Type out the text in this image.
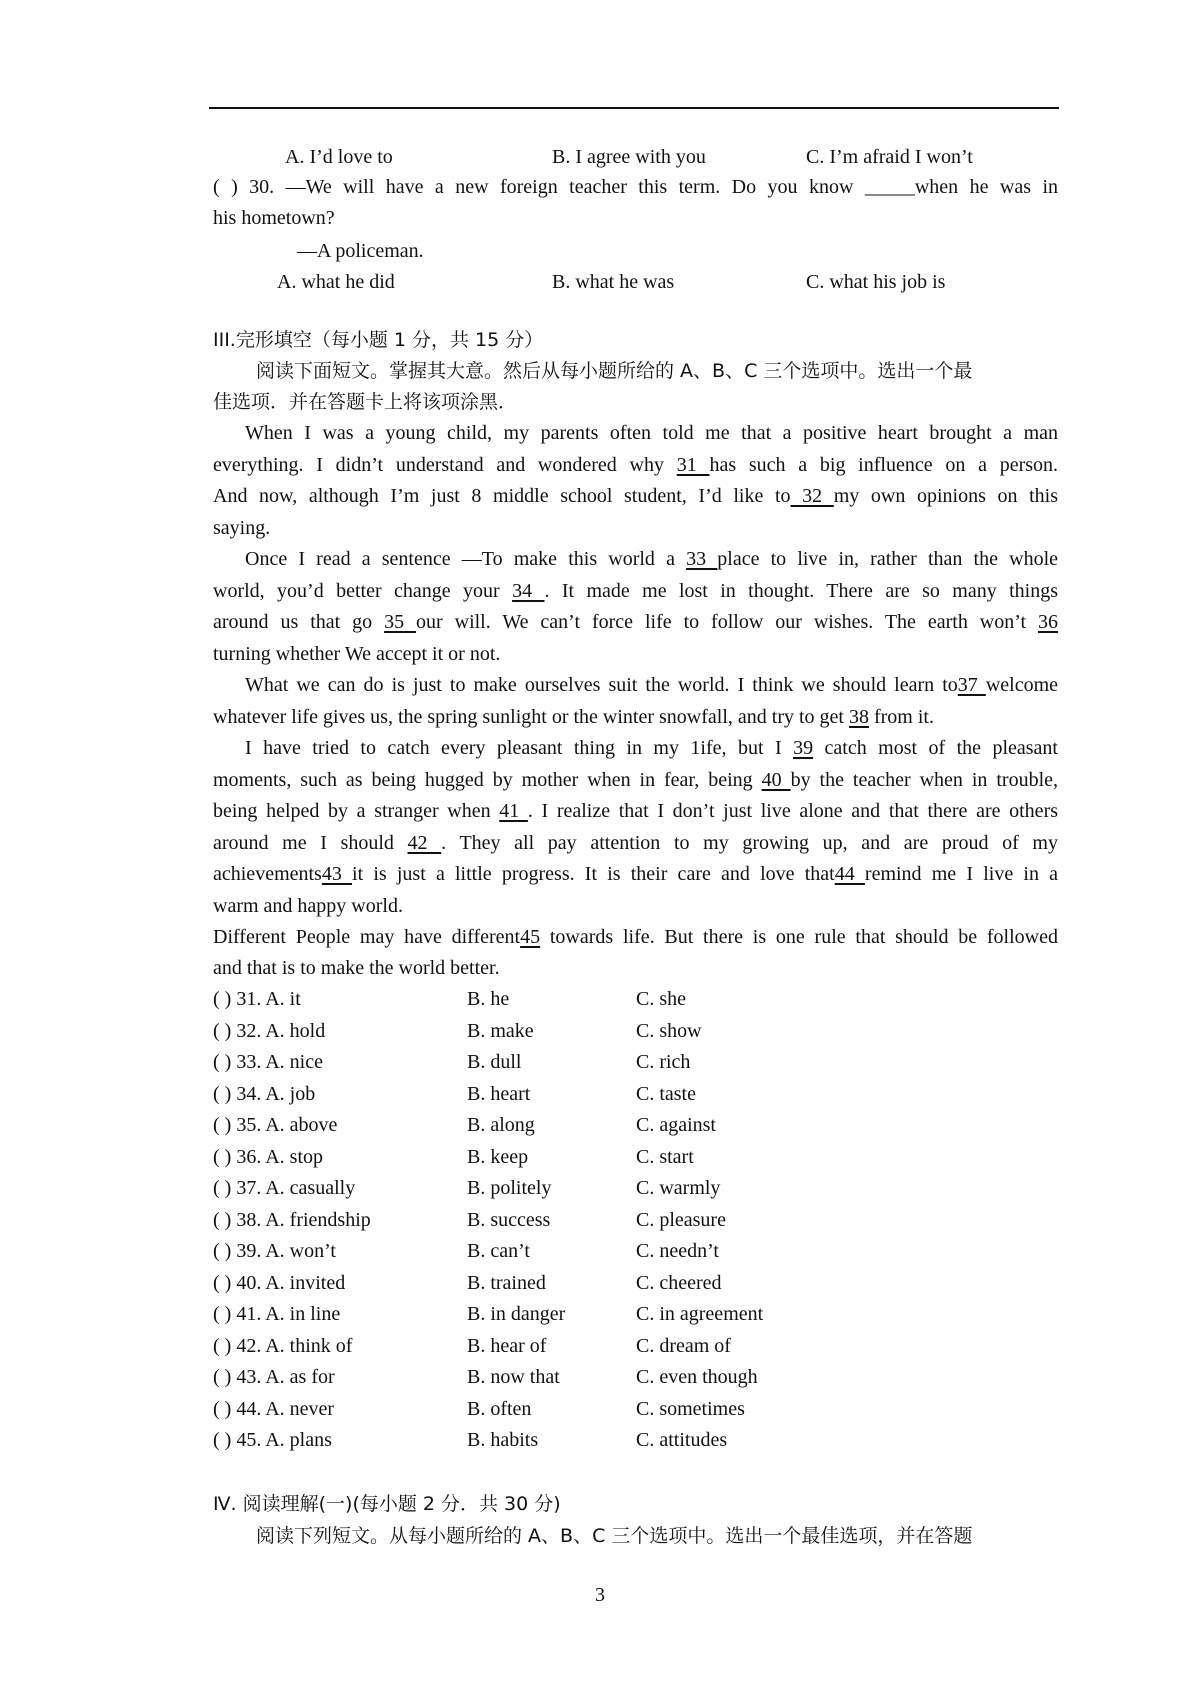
A. I’d love to	B. I agree with you	C. I’m afraid I won’t
( ) 30. —We will have a new foreign teacher this term. Do you know _____when he was in
his hometown?
—A policeman.
A. what he did	B. what he was	C. what his job is
III.完形填空（每小题 1 分，共 15 分）
阅读下面短文。掌握其大意。然后从每小题所给的 A、B、C 三个选项中。选出一个最
佳选项．并在答题卡上将该项涂黑．
When I was a young child, my parents often told me that a positive heart brought a man
everything. I didn’t understand and wondered why 31 has such a big influence on a person.
And now, although I’m just 8 middle school student, I’d like to 32 my own opinions on this
saying.
Once I read a sentence —To make this world a 33 place to live in, rather than the whole
world, you’d better change your 34 . It made me lost in thought. There are so many things
around us that go 35 our will. We can’t force life to follow our wishes. The earth won’t 36
turning whether We accept it or not.
What we can do is just to make ourselves suit the world. I think we should learn to37 welcome
whatever life gives us, the spring sunlight or the winter snowfall, and try to get 38 from it.
I have tried to catch every pleasant thing in my 1ife, but I 39 catch most of the pleasant
moments, such as being hugged by mother when in fear, being 40 by the teacher when in trouble,
being helped by a stranger when 41 . I realize that I don’t just live alone and that there are others
around me I should 42 . They all pay attention to my growing up, and are proud of my
achievements43 it is just a little progress. It is their care and love that44 remind me I live in a
warm and happy world.
Different People may have different45 towards life. But there is one rule that should be followed
and that is to make the world better.
( ) 31. A. it	B. he	C. she
( ) 32. A. hold	B. make	C. show
( ) 33. A. nice	B. dull	C. rich
( ) 34. A. job	B. heart	C. taste
( ) 35. A. above	B. along	C. against
( ) 36. A. stop	B. keep	C. start
( ) 37. A. casually	B. politely	C. warmly
( ) 38. A. friendship	B. success	C. pleasure
( ) 39. A. won’t	B. can’t	C. needn’t
( ) 40. A. invited	B. trained	C. cheered
( ) 41. A. in line	B. in danger	C. in agreement
( ) 42. A. think of	B. hear of	C. dream of
( ) 43. A. as for	B. now that	C. even though
( ) 44. A. never	B. often	C. sometimes
( ) 45. A. plans	B. habits	C. attitudes
Ⅳ. 阅读理解(一)(每小题 2 分．共 30 分)
阅读下列短文。从每小题所给的 A、B、C 三个选项中。选出一个最佳选项，并在答题
3
